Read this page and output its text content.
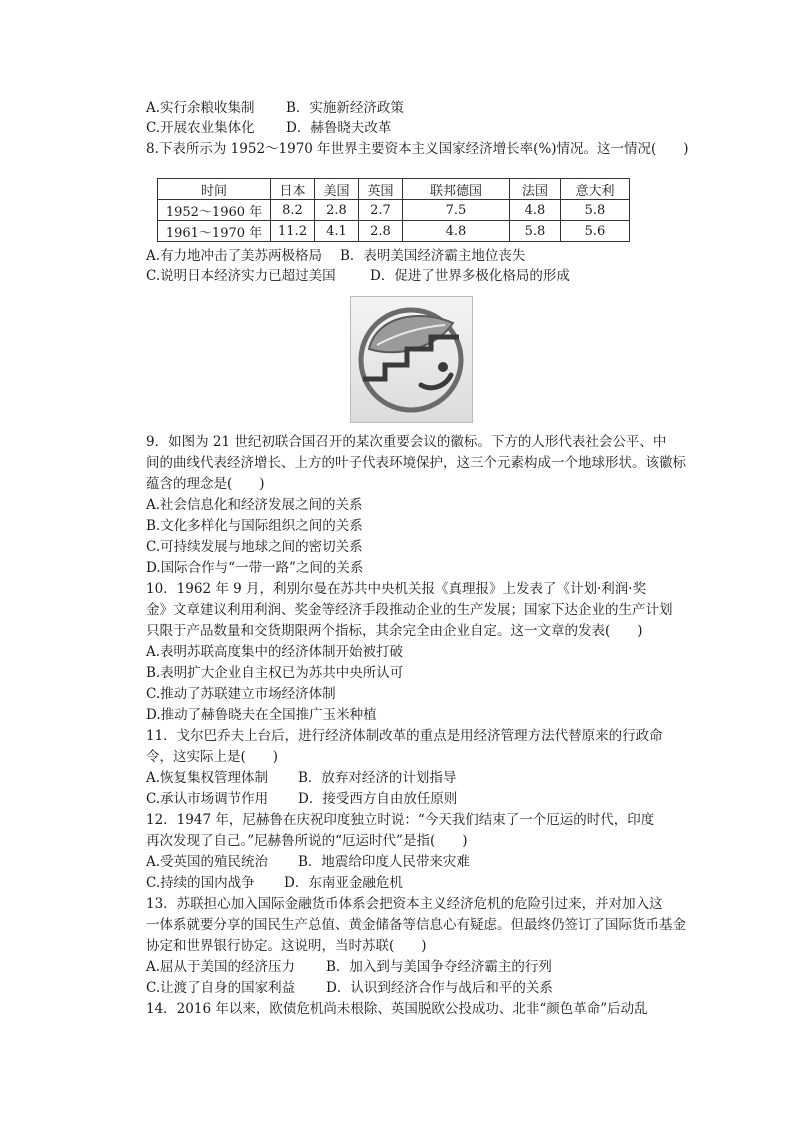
A.实行余粮收集制 B．实施新经济政策
C.开展农业集体化 D．赫鲁晓夫改革
8.下表所示为 1952～1970 年世界主要资本主义国家经济增长率(%)情况。这一情况(　　)
时间	日本	美国	英国	联邦德国	法国	意大利
1952～1960 年	8.2	2.8	2.7	7.5	4.8	5.8
1961～1970 年	11.2	4.1	2.8	4.8	5.8	5.6
A.有力地冲击了美苏两极格局 B．表明美国经济霸主地位丧失
C.说明日本经济实力已超过美国	D．促进了世界多极化格局的形成
9．如图为 21 世纪初联合国召开的某次重要会议的徽标。下方的人形代表社会公平、中
间的曲线代表经济增长、上方的叶子代表环境保护，这三个元素构成一个地球形状。该徽标
蕴含的理念是(　　)
A.社会信息化和经济发展之间的关系
B.文化多样化与国际组织之间的关系
C.可持续发展与地球之间的密切关系
D.国际合作与“一带一路”之间的关系
10．1962 年 9 月，利别尔曼在苏共中央机关报《真理报》上发表了《计划·利润·奖
金》文章建议利用利润、奖金等经济手段推动企业的生产发展；国家下达企业的生产计划
只限于产品数量和交货期限两个指标，其余完全由企业自定。这一文章的发表(　　)
A.表明苏联高度集中的经济体制开始被打破
B.表明扩大企业自主权已为苏共中央所认可
C.推动了苏联建立市场经济体制
D.推动了赫鲁晓夫在全国推广玉米种植
11．戈尔巴乔夫上台后，进行经济体制改革的重点是用经济管理方法代替原来的行政命
令，这实际上是(　　)
A.恢复集权管理体制 B．放弃对经济的计划指导
C.承认市场调节作用 D．接受西方自由放任原则
12．1947 年，尼赫鲁在庆祝印度独立时说：“今天我们结束了一个厄运的时代，印度
再次发现了自己。”尼赫鲁所说的“厄运时代”是指(　　)
A.受英国的殖民统治 B．地震给印度人民带来灾难
C.持续的国内战争 D．东南亚金融危机
13．苏联担心加入国际金融货币体系会把资本主义经济危机的危险引过来，并对加入这
一体系就要分享的国民生产总值、黄金储备等信息心有疑虑。但最终仍签订了国际货币基金
协定和世界银行协定。这说明，当时苏联(　　)
A.屈从于美国的经济压力 B．加入到与美国争夺经济霸主的行列
C.让渡了自身的国家利益 D．认识到经济合作与战后和平的关系
14．2016 年以来，欧债危机尚未根除、英国脱欧公投成功、北非“颜色革命”后动乱
